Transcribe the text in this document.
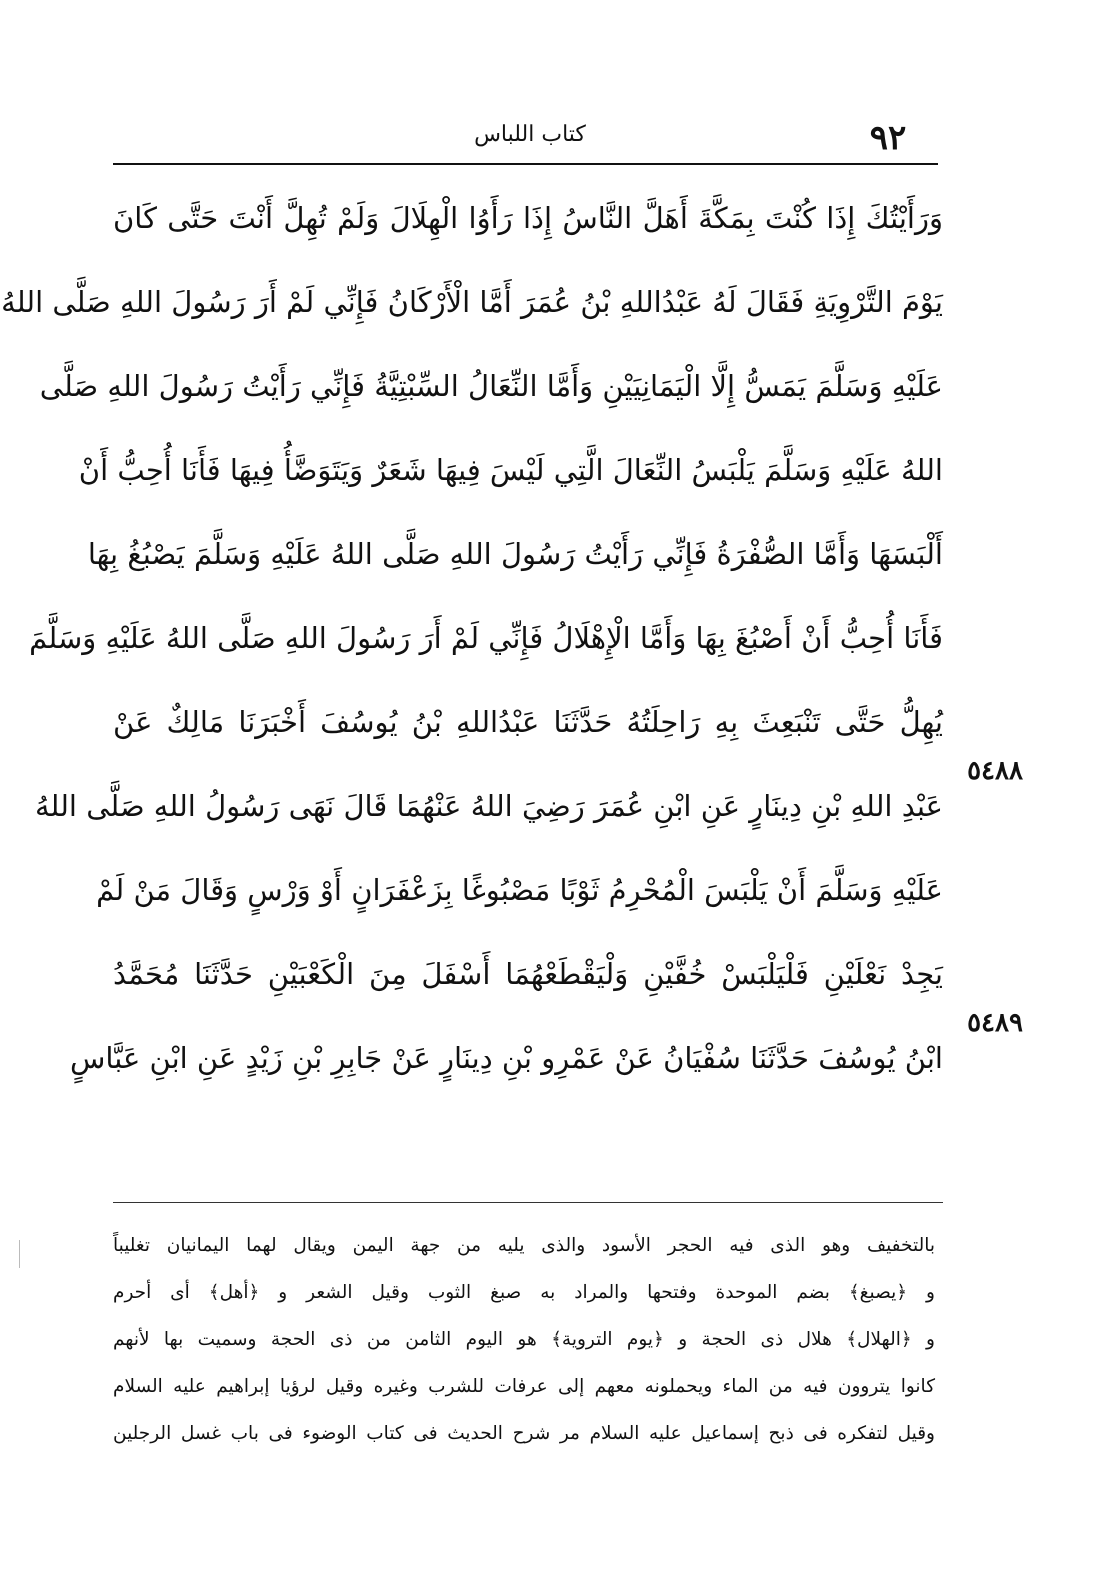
٩٢
كتاب اللباس
وَرَأَيْتُكَ إِذَا كُنْتَ بِمَكَّةَ أَهَلَّ النَّاسُ إِذَا رَأَوُا الْهِلَالَ وَلَمْ تُهِلَّ أَنْتَ حَتَّى كَانَ
يَوْمَ التَّرْوِيَةِ فَقَالَ لَهُ عَبْدُاللهِ بْنُ عُمَرَ أَمَّا الْأَرْكَانُ فَإِنِّي لَمْ أَرَ رَسُولَ اللهِ صَلَّى اللهُ
عَلَيْهِ وَسَلَّمَ يَمَسُّ إِلَّا الْيَمَانِيَيْنِ وَأَمَّا النِّعَالُ السِّبْتِيَّةُ فَإِنِّي رَأَيْتُ رَسُولَ اللهِ صَلَّى
اللهُ عَلَيْهِ وَسَلَّمَ يَلْبَسُ النِّعَالَ الَّتِي لَيْسَ فِيهَا شَعَرٌ وَيَتَوَضَّأُ فِيهَا فَأَنَا أُحِبُّ أَنْ
أَلْبَسَهَا وَأَمَّا الصُّفْرَةُ فَإِنِّي رَأَيْتُ رَسُولَ اللهِ صَلَّى اللهُ عَلَيْهِ وَسَلَّمَ يَصْبُغُ بِهَا
فَأَنَا أُحِبُّ أَنْ أَصْبُغَ بِهَا وَأَمَّا الْإِهْلَالُ فَإِنِّي لَمْ أَرَ رَسُولَ اللهِ صَلَّى اللهُ عَلَيْهِ وَسَلَّمَ
يُهِلُّ حَتَّى تَنْبَعِثَ بِهِ رَاحِلَتُهُ حَدَّثَنَا عَبْدُاللهِ بْنُ يُوسُفَ أَخْبَرَنَا مَالِكٌ عَنْ
عَبْدِ اللهِ بْنِ دِينَارٍ عَنِ ابْنِ عُمَرَ رَضِيَ اللهُ عَنْهُمَا قَالَ نَهَى رَسُولُ اللهِ صَلَّى اللهُ
عَلَيْهِ وَسَلَّمَ أَنْ يَلْبَسَ الْمُحْرِمُ ثَوْبًا مَصْبُوغًا بِزَعْفَرَانٍ أَوْ وَرْسٍ وَقَالَ مَنْ لَمْ
يَجِدْ نَعْلَيْنِ فَلْيَلْبَسْ خُفَّيْنِ وَلْيَقْطَعْهُمَا أَسْفَلَ مِنَ الْكَعْبَيْنِ حَدَّثَنَا مُحَمَّدُ
ابْنُ يُوسُفَ حَدَّثَنَا سُفْيَانُ عَنْ عَمْرِو بْنِ دِينَارٍ عَنْ جَابِرِ بْنِ زَيْدٍ عَنِ ابْنِ عَبَّاسٍ
٥٤٨٨
٥٤٨٩
بالتخفيف وهو الذى فيه الحجر الأسود والذى يليه من جهة اليمن ويقال لهما اليمانيان تغليباً
و ﴿يصبغ﴾ بضم الموحدة وفتحها والمراد به صبغ الثوب وقيل الشعر و ﴿أهل﴾ أى أحرم
و ﴿الهلال﴾ هلال ذى الحجة و ﴿يوم التروية﴾ هو اليوم الثامن من ذى الحجة وسميت بها لأنهم
كانوا يتروون فيه من الماء ويحملونه معهم إلى عرفات للشرب وغيره وقيل لرؤيا إبراهيم عليه السلام
وقيل لتفكره فى ذبح إسماعيل عليه السلام مر شرح الحديث فى كتاب الوضوء فى باب غسل الرجلين
